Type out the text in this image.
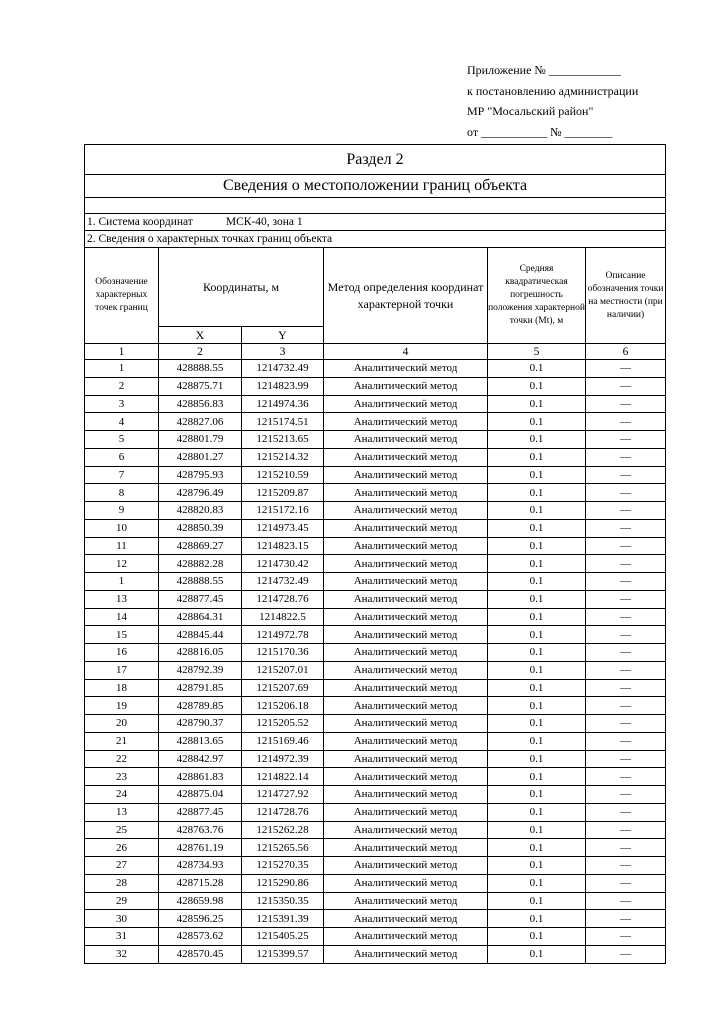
Приложение № ____________
к постановлению администрации
МР "Мосальский район"
от ___________ № ________
Раздел 2					
Сведения о местоположении границ объекта					

1. Система координат МСК-40, зона 1					
2. Сведения о характерных точках границ объекта					
Обозначение характерных точек границ	Координаты, м		Метод определения координат характерной точки	Средняя квадратическая погрешность положения характерной точки (Mt), м	Описание обозначения точки на местности (при наличии)
	X	Y			
1	2	3	4	5	6
1	428888.55	1214732.49	Аналитический метод	0.1	—
2	428875.71	1214823.99	Аналитический метод	0.1	—
3	428856.83	1214974.36	Аналитический метод	0.1	—
4	428827.06	1215174.51	Аналитический метод	0.1	—
5	428801.79	1215213.65	Аналитический метод	0.1	—
6	428801.27	1215214.32	Аналитический метод	0.1	—
7	428795.93	1215210.59	Аналитический метод	0.1	—
8	428796.49	1215209.87	Аналитический метод	0.1	—
9	428820.83	1215172.16	Аналитический метод	0.1	—
10	428850.39	1214973.45	Аналитический метод	0.1	—
11	428869.27	1214823.15	Аналитический метод	0.1	—
12	428882.28	1214730.42	Аналитический метод	0.1	—
1	428888.55	1214732.49	Аналитический метод	0.1	—
13	428877.45	1214728.76	Аналитический метод	0.1	—
14	428864.31	1214822.5	Аналитический метод	0.1	—
15	428845.44	1214972.78	Аналитический метод	0.1	—
16	428816.05	1215170.36	Аналитический метод	0.1	—
17	428792.39	1215207.01	Аналитический метод	0.1	—
18	428791.85	1215207.69	Аналитический метод	0.1	—
19	428789.85	1215206.18	Аналитический метод	0.1	—
20	428790.37	1215205.52	Аналитический метод	0.1	—
21	428813.65	1215169.46	Аналитический метод	0.1	—
22	428842.97	1214972.39	Аналитический метод	0.1	—
23	428861.83	1214822.14	Аналитический метод	0.1	—
24	428875.04	1214727.92	Аналитический метод	0.1	—
13	428877.45	1214728.76	Аналитический метод	0.1	—
25	428763.76	1215262.28	Аналитический метод	0.1	—
26	428761.19	1215265.56	Аналитический метод	0.1	—
27	428734.93	1215270.35	Аналитический метод	0.1	—
28	428715.28	1215290.86	Аналитический метод	0.1	—
29	428659.98	1215350.35	Аналитический метод	0.1	—
30	428596.25	1215391.39	Аналитический метод	0.1	—
31	428573.62	1215405.25	Аналитический метод	0.1	—
32	428570.45	1215399.57	Аналитический метод	0.1	—
